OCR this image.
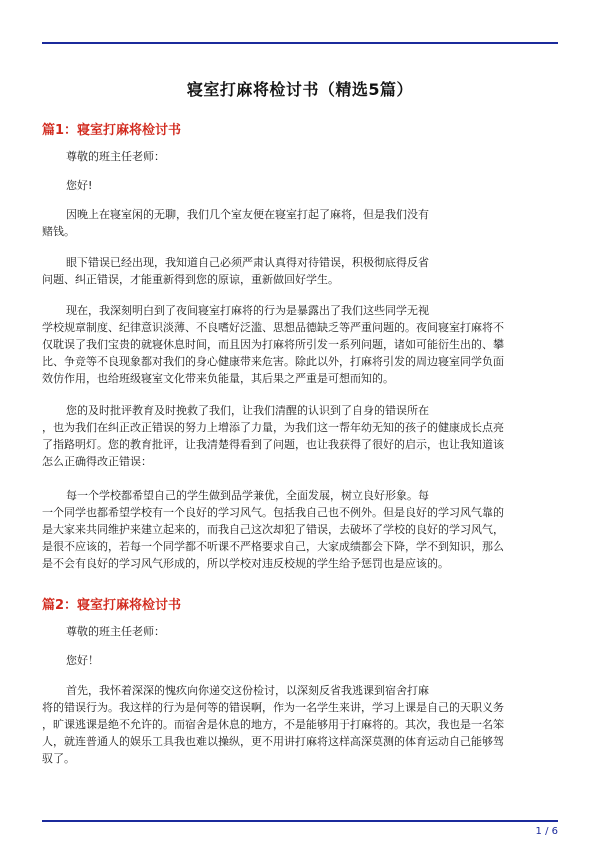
寝室打麻将检讨书（精选5篇）
篇1：寝室打麻将检讨书
尊敬的班主任老师：
您好!
因晚上在寝室闲的无聊，我们几个室友便在寝室打起了麻将，但是我们没有
赌钱。
眼下错误已经出现，我知道自己必须严肃认真得对待错误，积极彻底得反省
问题、纠正错误，才能重新得到您的原谅，重新做回好学生。
现在，我深刻明白到了夜间寝室打麻将的行为是暴露出了我们这些同学无视
学校规章制度、纪律意识淡薄、不良嗜好泛滥、思想品德缺乏等严重问题的。夜间寝室打麻将不
仅耽误了我们宝贵的就寝休息时间，而且因为打麻将所引发一系列问题，诸如可能衍生出的、攀
比、争竞等不良现象都对我们的身心健康带来危害。除此以外，打麻将引发的周边寝室同学负面
效仿作用，也给班级寝室文化带来负能量，其后果之严重是可想而知的。
您的及时批评教育及时挽救了我们，让我们清醒的认识到了自身的错误所在
，也为我们在纠正改正错误的努力上增添了力量，为我们这一帮年幼无知的孩子的健康成长点亮
了指路明灯。您的教育批评，让我清楚得看到了问题，也让我获得了很好的启示，也让我知道该
怎么正确得改正错误：
每一个学校都希望自己的学生做到品学兼优，全面发展，树立良好形象。每
一个同学也都希望学校有一个良好的学习风气。包括我自己也不例外。但是良好的学习风气靠的
是大家来共同维护来建立起来的，而我自己这次却犯了错误，去破坏了学校的良好的学习风气，
是很不应该的，若每一个同学都不听课不严格要求自己，大家成绩都会下降，学不到知识，那么
是不会有良好的学习风气形成的，所以学校对违反校规的学生给予惩罚也是应该的。
篇2：寝室打麻将检讨书
尊敬的班主任老师：
您好！
首先，我怀着深深的愧疚向你递交这份检讨，以深刻反省我逃课到宿舍打麻
将的错误行为。我这样的行为是何等的错误啊，作为一名学生来讲，学习上课是自己的天职义务
，旷课逃课是绝不允许的。而宿舍是休息的地方，不是能够用于打麻将的。其次，我也是一名笨
人，就连普通人的娱乐工具我也难以操纵，更不用讲打麻将这样高深莫测的体育运动自己能够驾
驭了。
1 / 6
